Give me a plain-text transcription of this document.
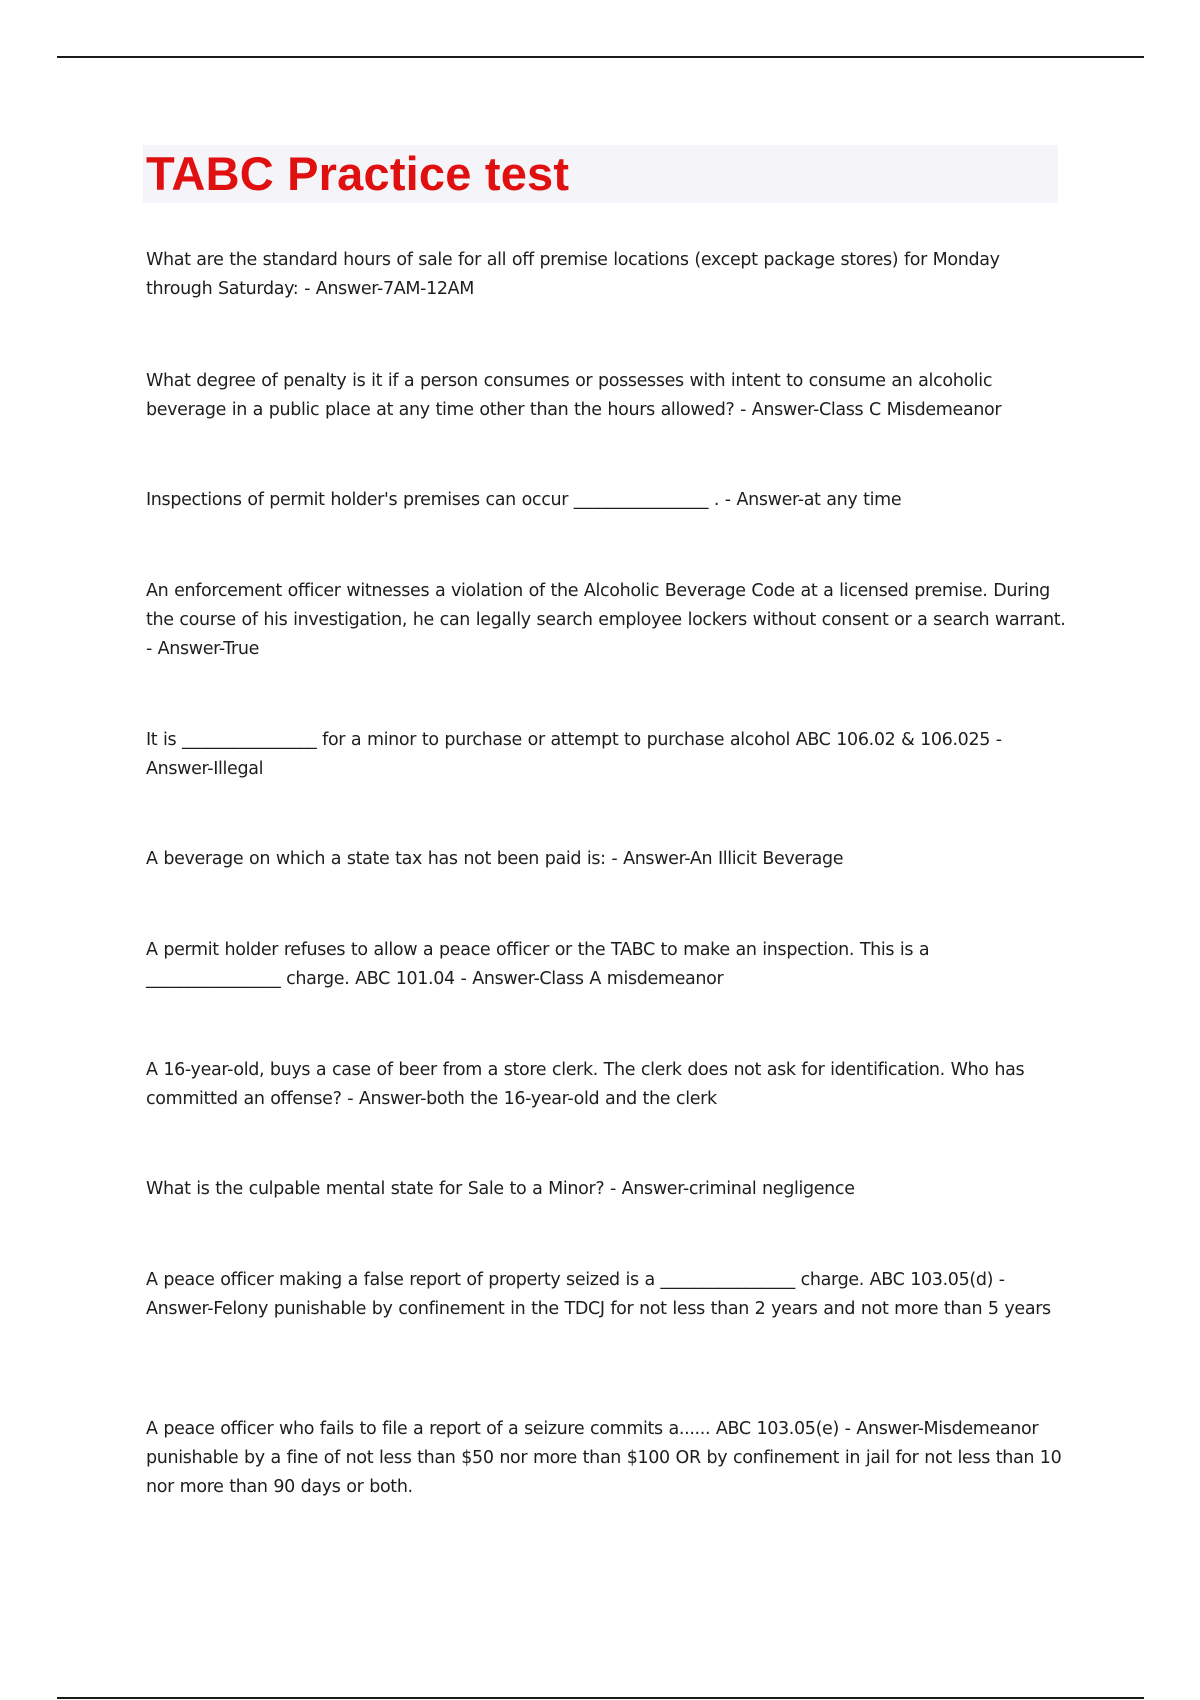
TABC Practice test

What are the standard hours of sale for all off premise locations (except package stores) for Monday through Saturday: - Answer-7AM-12AM

What degree of penalty is it if a person consumes or possesses with intent to consume an alcoholic beverage in a public place at any time other than the hours allowed? - Answer-Class C Misdemeanor

Inspections of permit holder's premises can occur ________________ . - Answer-at any time

An enforcement officer witnesses a violation of the Alcoholic Beverage Code at a licensed premise. During the course of his investigation, he can legally search employee lockers without consent or a search warrant. - Answer-True

It is ________________ for a minor to purchase or attempt to purchase alcohol ABC 106.02 & 106.025 - Answer-Illegal

A beverage on which a state tax has not been paid is: - Answer-An Illicit Beverage

A permit holder refuses to allow a peace officer or the TABC to make an inspection. This is a ________________ charge. ABC 101.04 - Answer-Class A misdemeanor

A 16-year-old, buys a case of beer from a store clerk. The clerk does not ask for identification. Who has committed an offense? - Answer-both the 16-year-old and the clerk

What is the culpable mental state for Sale to a Minor? - Answer-criminal negligence

A peace officer making a false report of property seized is a ________________ charge. ABC 103.05(d) - Answer-Felony punishable by confinement in the TDCJ for not less than 2 years and not more than 5 years

A peace officer who fails to file a report of a seizure commits a...... ABC 103.05(e) - Answer-Misdemeanor punishable by a fine of not less than $50 nor more than $100 OR by confinement in jail for not less than 10 nor more than 90 days or both.
